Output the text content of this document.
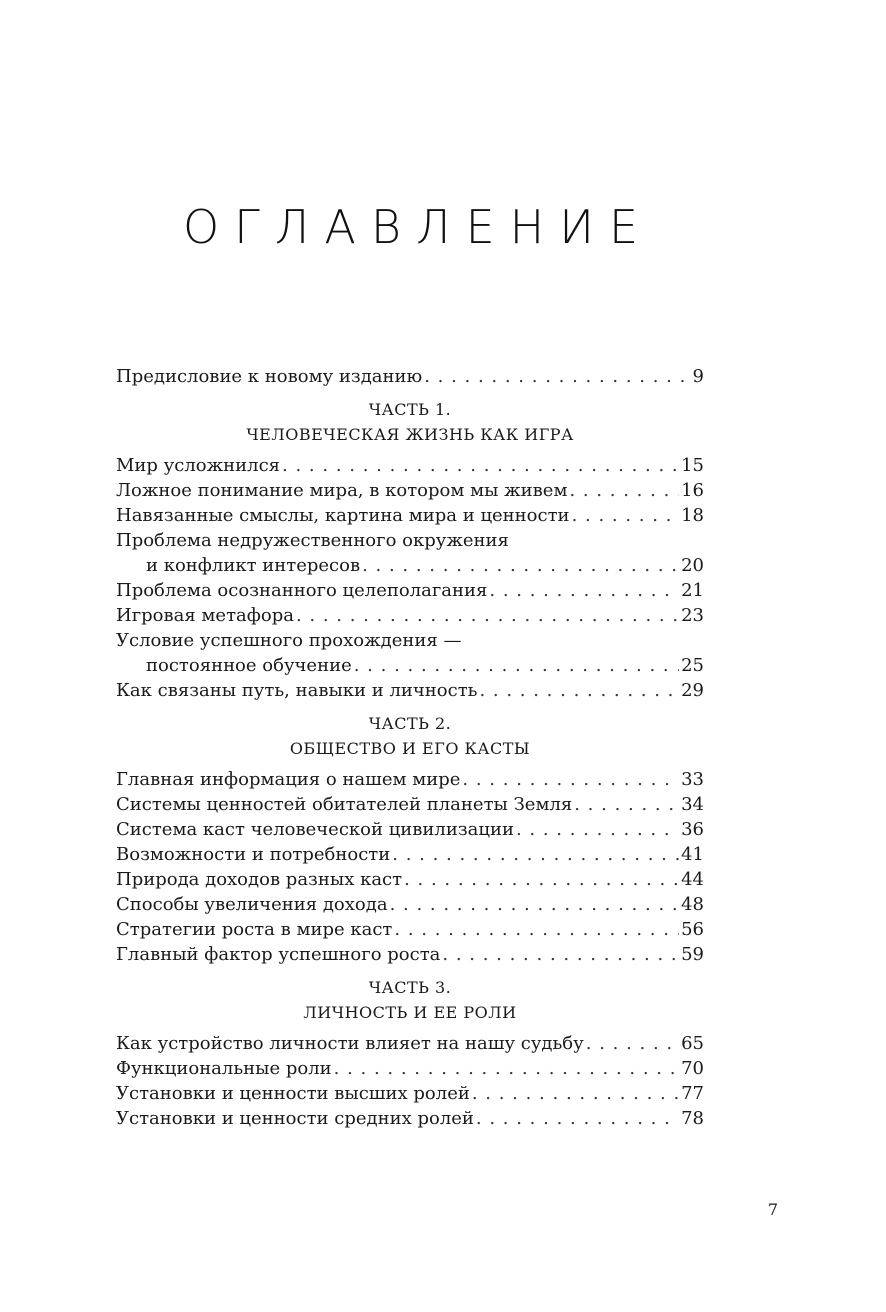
ОГЛАВЛЕНИЕ
Предисловие к новому изданию . . .	9
ЧАСТЬ 1.
ЧЕЛОВЕЧЕСКАЯ ЖИЗНЬ КАК ИГРА
Мир усложнился . . .	15
Ложное понимание мира, в котором мы живем . . .	16
Навязанные смыслы, картина мира и ценности . . .	18
Проблема недружественного окружения
и конфликт интересов . . .	20
Проблема осознанного целеполагания . . .	21
Игровая метафора . . .	23
Условие успешного прохождения —
постоянное обучение . . .	25
Как связаны путь, навыки и личность . . .	29
ЧАСТЬ 2.
ОБЩЕСТВО И ЕГО КАСТЫ
Главная информация о нашем мире . . .	33
Системы ценностей обитателей планеты Земля . . .	34
Система каст человеческой цивилизации . . .	36
Возможности и потребности . . .	41
Природа доходов разных каст . . .	44
Способы увеличения дохода . . .	48
Стратегии роста в мире каст . . .	56
Главный фактор успешного роста . . .	59
ЧАСТЬ 3.
ЛИЧНОСТЬ И ЕЕ РОЛИ
Как устройство личности влияет на нашу судьбу . . .	65
Функциональные роли . . .	70
Установки и ценности высших ролей . . .	77
Установки и ценности средних ролей . . .	78
7
